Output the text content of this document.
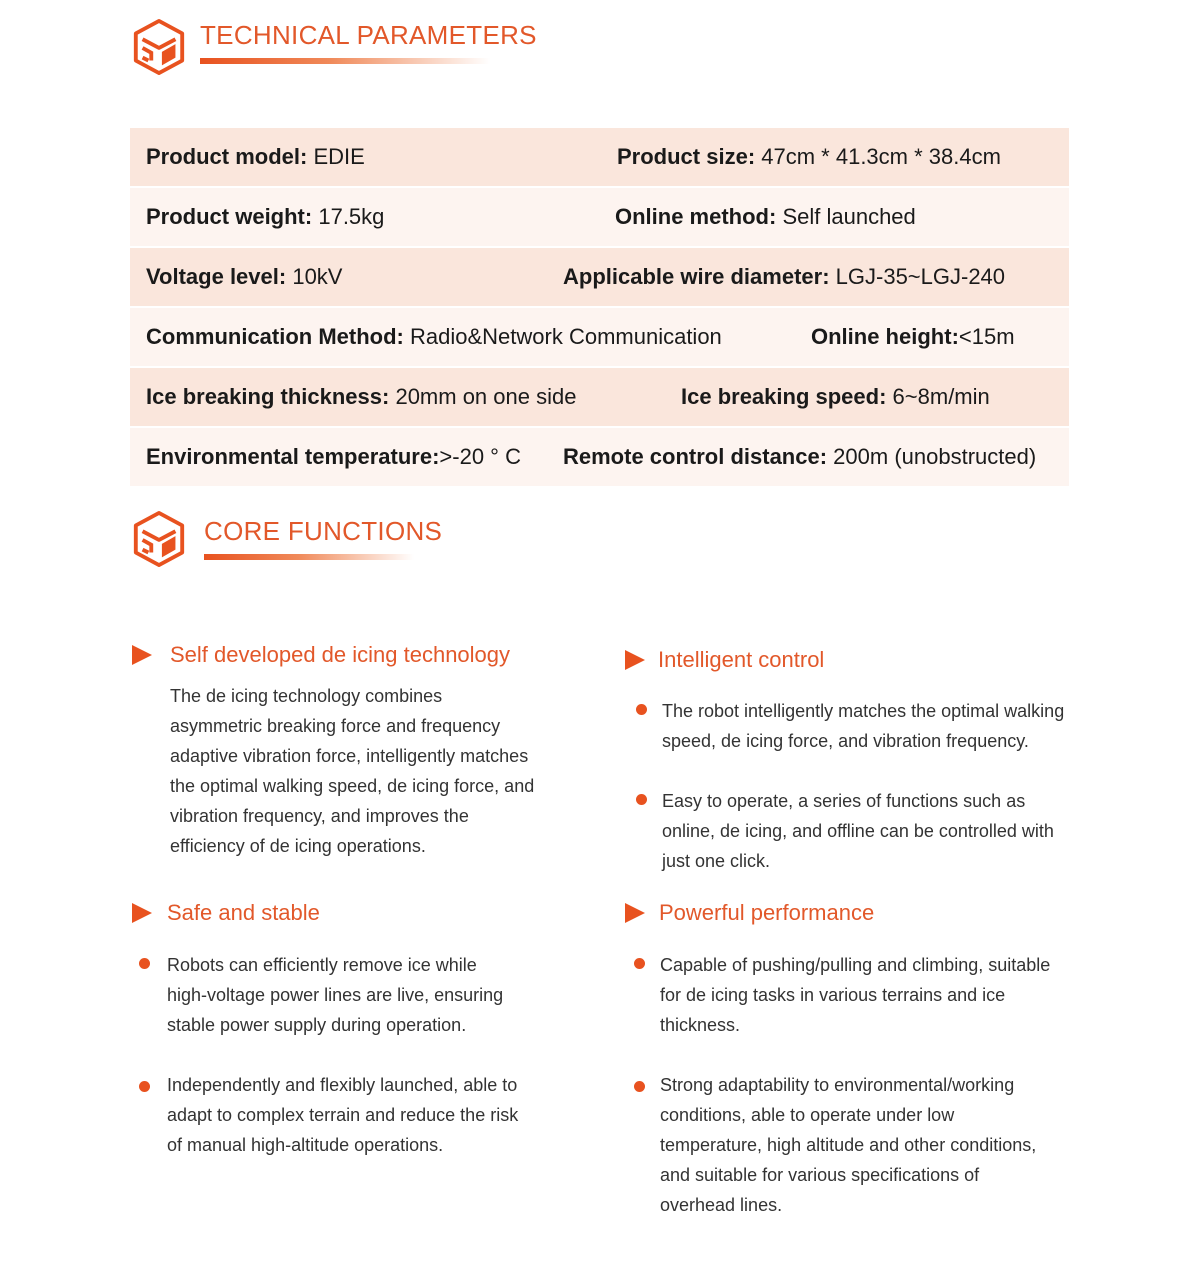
TECHNICAL PARAMETERS
Product model: EDIE	Product size: 47cm * 41.3cm * 38.4cm
Product weight: 17.5kg	Online method: Self launched
Voltage level: 10kV	Applicable wire diameter: LGJ-35~LGJ-240
Communication Method: Radio&Network Communication	Online height:<15m
Ice breaking thickness: 20mm on one side	Ice breaking speed: 6~8m/min
Environmental temperature:>-20 ° C Remote control distance: 200m (unobstructed)
CORE FUNCTIONS
Self developed de icing technology
The de icing technology combines
asymmetric breaking force and frequency
adaptive vibration force, intelligently matches
the optimal walking speed, de icing force, and
vibration frequency, and improves the
efficiency of de icing operations.
Intelligent control
The robot intelligently matches the optimal walking
speed, de icing force, and vibration frequency.
Easy to operate, a series of functions such as
online, de icing, and offline can be controlled with
just one click.
Safe and stable
Robots can efficiently remove ice while
high-voltage power lines are live, ensuring
stable power supply during operation.
Independently and flexibly launched, able to
adapt to complex terrain and reduce the risk
of manual high-altitude operations.
Powerful performance
Capable of pushing/pulling and climbing, suitable
for de icing tasks in various terrains and ice
thickness.
Strong adaptability to environmental/working
conditions, able to operate under low
temperature, high altitude and other conditions,
and suitable for various specifications of
overhead lines.
